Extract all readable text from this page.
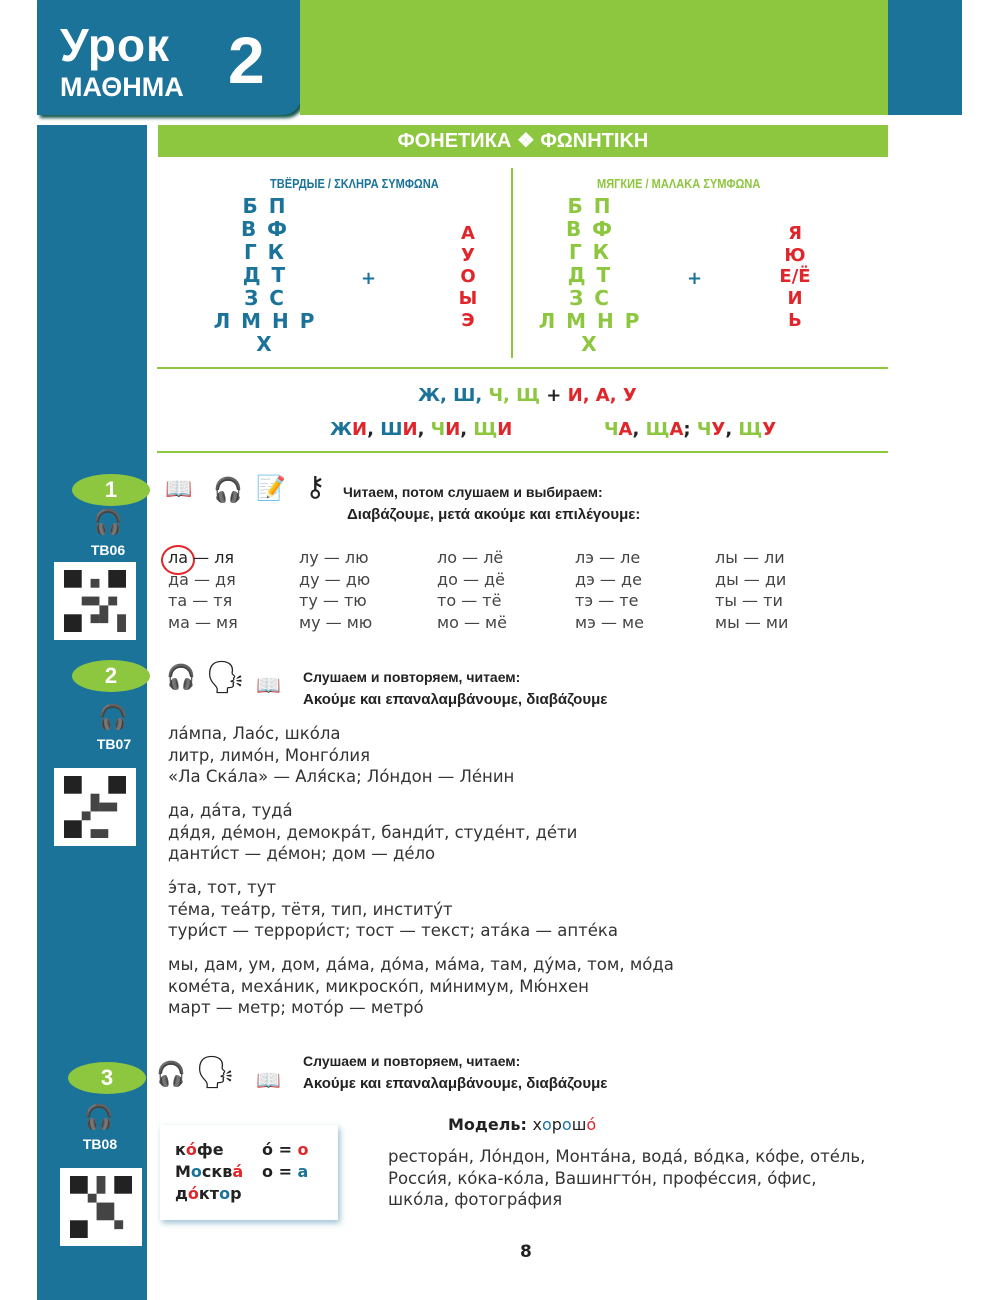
Урок
ΜΑΘΗΜΑ 2
ФОНЕТИКА ❖ ΦΩΝΗΤΙΚΗ
ТВЁРДЫЕ / ΣΚΛΗΡΑ ΣΥΜΦΩΝΑ	МЯГКИЕ / ΜΑΛΑΚΑ ΣΥΜΦΩΝΑ
Б П
В Ф
Г К
Д Т
З С
Л М Н Р
Х
+
А
У
О
Ы
Э
Б П
В Ф
Г К
Д Т
З С
Л М Н Р
Х
+
Я
Ю
Е/Ё
И
Ь
Ж, Ш, Ч, Щ + И, А, У
ЖИ, ШИ, ЧИ, ЩИ	ЧА, ЩА; ЧУ, ЩУ
1
🎧
TB06
2
🎧
TB07
3
🎧
TB08
📖 🎧 📝 ⚷ Читаем, потом слушаем и выбираем:
Διαβάζουμε, μετά ακούμε και επιλέγουμε:
ла — ля
да — дя
та — тя
ма — мя
лу — лю
ду — дю
ту — тю
му — мю
ло — лё
до — дё
то — тё
мо — мё
лэ — ле
дэ — де
тэ — те
мэ — ме
лы — ли
ды — ди
ты — ти
мы — ми
🎧 🗣 📖 Слушаем и повторяем, читаем:
Ακούμε και επαναλαμβάνουμε, διαβάζουμε
ла́мпа, Лао́с, шко́ла
литр, лимо́н, Монго́лия
«Ла Ска́ла» — Аля́ска; Ло́ндон — Ле́нин
да, да́та, туда́
дя́дя, де́мон, демокра́т, банди́т, студе́нт, де́ти
данти́ст — де́мон; дом — де́ло
э́та, тот, тут
те́ма, теа́тр, тётя, тип, институ́т
тури́ст — террори́ст; тост — текст; ата́ка — апте́ка
мы, дам, ум, дом, да́ма, до́ма, ма́ма, там, ду́ма, том, мо́да
коме́та, меха́ник, микроско́п, ми́нимум, Мю́нхен
март — метр; мото́р — метро́
🎧 🗣 📖
Слушаем и повторяем, читаем:
Ακούμε και επαναλαμβάνουμε, διαβάζουμε
ко́фе
Москва́
до́ктор
о́ = о
о = а
Модель: хорошо́
рестора́н, Ло́ндон, Монта́на, вода́, во́дка, ко́фе, оте́ль,
Росси́я, ко́ка-ко́ла, Вашингто́н, профе́ссия, о́фис,
шко́ла, фотогра́фия
8
